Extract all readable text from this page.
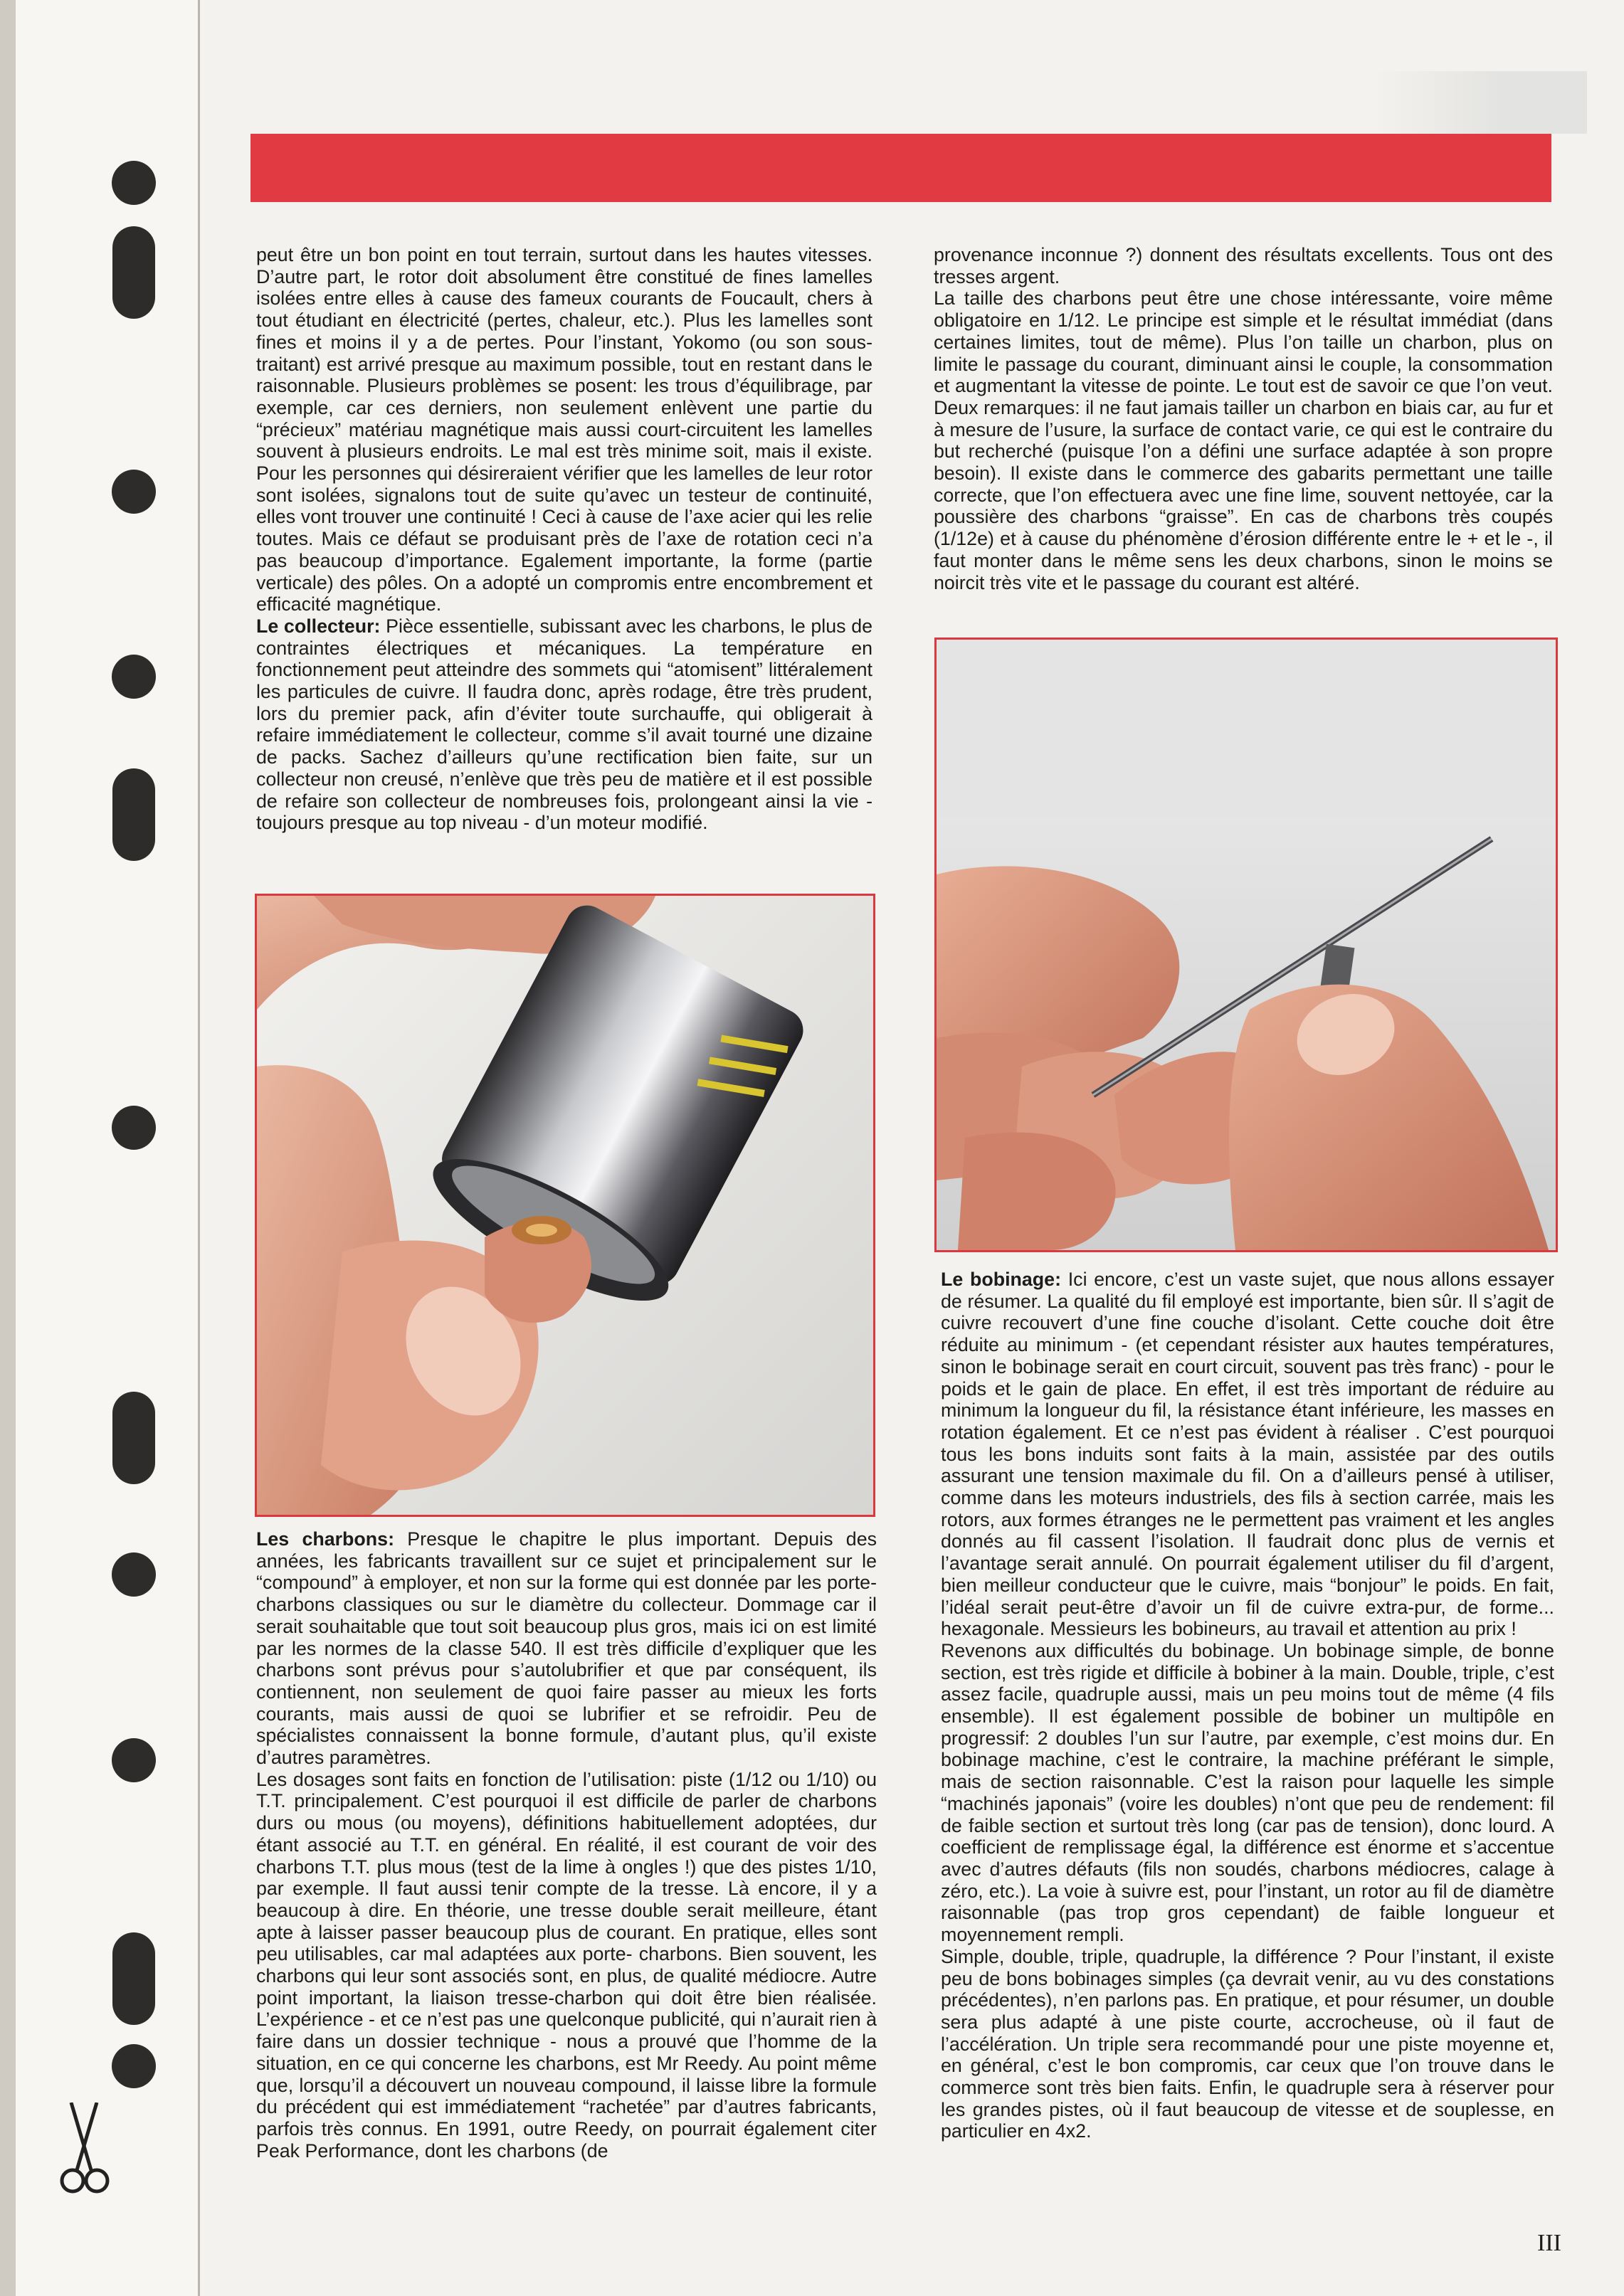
peut être un bon point en tout terrain, surtout dans les hautes vitesses. D’autre part, le rotor doit absolument être constitué de fines lamelles isolées entre elles à cause des fameux courants de Foucault, chers à tout étudiant en électricité (pertes, chaleur, etc.). Plus les lamelles sont fines et moins il y a de pertes. Pour l’instant, Yokomo (ou son sous-traitant) est arrivé presque au maximum possible, tout en restant dans le raisonnable. Plusieurs problèmes se posent: les trous d’équilibrage, par exemple, car ces derniers, non seulement enlèvent une partie du “précieux” matériau magnétique mais aussi court-circuitent les lamelles souvent à plusieurs endroits. Le mal est très minime soit, mais il existe. Pour les personnes qui désireraient vérifier que les lamelles de leur rotor sont isolées, signalons tout de suite qu’avec un testeur de continuité, elles vont trouver une continuité ! Ceci à cause de l’axe acier qui les relie toutes. Mais ce défaut se produisant près de l’axe de rotation ceci n’a pas beaucoup d’importance. Egalement importante, la forme (partie verticale) des pôles. On a adopté un compromis entre encombrement et efficacité magnétique.

Le collecteur: Pièce essentielle, subissant avec les charbons, le plus de contraintes électriques et mécaniques. La température en fonctionnement peut atteindre des sommets qui “atomisent” littéralement les particules de cuivre. Il faudra donc, après rodage, être très prudent, lors du premier pack, afin d’éviter toute surchauffe, qui obligerait à refaire immédiatement le collecteur, comme s’il avait tourné une dizaine de packs. Sachez d’ailleurs qu’une rectification bien faite, sur un collecteur non creusé, n’enlève que très peu de matière et il est possible de refaire son collecteur de nombreuses fois, prolongeant ainsi la vie - toujours presque au top niveau - d’un moteur modifié.

Les charbons: Presque le chapitre le plus important. Depuis des années, les fabricants travaillent sur ce sujet et principalement sur le “compound” à employer, et non sur la forme qui est donnée par les porte-charbons classiques ou sur le diamètre du collecteur. Dommage car il serait souhaitable que tout soit beaucoup plus gros, mais ici on est limité par les normes de la classe 540. Il est très difficile d’expliquer que les charbons sont prévus pour s’autolubrifier et que par conséquent, ils contiennent, non seulement de quoi faire passer au mieux les forts courants, mais aussi de quoi se lubrifier et se refroidir. Peu de spécialistes connaissent la bonne formule, d’autant plus, qu’il existe d’autres paramètres.

Les dosages sont faits en fonction de l’utilisation: piste (1/12 ou 1/10) ou T.T. principalement. C’est pourquoi il est difficile de parler de charbons durs ou mous (ou moyens), définitions habituellement adoptées, dur étant associé au T.T. en général. En réalité, il est courant de voir des charbons T.T. plus mous (test de la lime à ongles !) que des pistes 1/10, par exemple. Il faut aussi tenir compte de la tresse. Là encore, il y a beaucoup à dire. En théorie, une tresse double serait meilleure, étant apte à laisser passer beaucoup plus de courant. En pratique, elles sont peu utilisables, car mal adaptées aux porte- charbons. Bien souvent, les charbons qui leur sont associés sont, en plus, de qualité médiocre. Autre point important, la liaison tresse-charbon qui doit être bien réalisée. L’expérience - et ce n’est pas une quelconque publicité, qui n’aurait rien à faire dans un dossier technique - nous a prouvé que l’homme de la situation, en ce qui concerne les charbons, est Mr Reedy. Au point même que, lorsqu’il a découvert un nouveau compound, il laisse libre la formule du précédent qui est immédiatement “rachetée” par d’autres fabricants, parfois très connus. En 1991, outre Reedy, on pourrait également citer Peak Performance, dont les charbons (de

provenance inconnue ?) donnent des résultats excellents. Tous ont des tresses argent.

La taille des charbons peut être une chose intéressante, voire même obligatoire en 1/12. Le principe est simple et le résultat immédiat (dans certaines limites, tout de même). Plus l’on taille un charbon, plus on limite le passage du courant, diminuant ainsi le couple, la consommation et augmentant la vitesse de pointe. Le tout est de savoir ce que l’on veut. Deux remarques: il ne faut jamais tailler un charbon en biais car, au fur et à mesure de l’usure, la surface de contact varie, ce qui est le contraire du but recherché (puisque l’on a défini une surface adaptée à son propre besoin). Il existe dans le commerce des gabarits permettant une taille correcte, que l’on effectuera avec une fine lime, souvent nettoyée, car la poussière des charbons “graisse”. En cas de charbons très coupés (1/12e) et à cause du phénomène d’érosion différente entre le + et le -, il faut monter dans le même sens les deux charbons, sinon le moins se noircit très vite et le passage du courant est altéré.

Le bobinage: Ici encore, c’est un vaste sujet, que nous allons essayer de résumer. La qualité du fil employé est importante, bien sûr. Il s’agit de cuivre recouvert d’une fine couche d’isolant. Cette couche doit être réduite au minimum - (et cependant résister aux hautes températures, sinon le bobinage serait en court circuit, souvent pas très franc) - pour le poids et le gain de place. En effet, il est très important de réduire au minimum la longueur du fil, la résistance étant inférieure, les masses en rotation également. Et ce n’est pas évident à réaliser . C’est pourquoi tous les bons induits sont faits à la main, assistée par des outils assurant une tension maximale du fil. On a d’ailleurs pensé à utiliser, comme dans les moteurs industriels, des fils à section carrée, mais les rotors, aux formes étranges ne le permettent pas vraiment et les angles donnés au fil cassent l’isolation. Il faudrait donc plus de vernis et l’avantage serait annulé. On pourrait également utiliser du fil d’argent, bien meilleur conducteur que le cuivre, mais “bonjour” le poids. En fait, l’idéal serait peut-être d’avoir un fil de cuivre extra-pur, de forme... hexagonale. Messieurs les bobineurs, au travail et attention au prix !

Revenons aux difficultés du bobinage. Un bobinage simple, de bonne section, est très rigide et difficile à bobiner à la main. Double, triple, c’est assez facile, quadruple aussi, mais un peu moins tout de même (4 fils ensemble). Il est également possible de bobiner un multipôle en progressif: 2 doubles l’un sur l’autre, par exemple, c’est moins dur. En bobinage machine, c’est le contraire, la machine préférant le simple, mais de section raisonnable. C’est la raison pour laquelle les simple “machinés japonais” (voire les doubles) n’ont que peu de rendement: fil de faible section et surtout très long (car pas de tension), donc lourd. A coefficient de remplissage égal, la différence est énorme et s’accentue avec d’autres défauts (fils non soudés, charbons médiocres, calage à zéro, etc.). La voie à suivre est, pour l’instant, un rotor au fil de diamètre raisonnable (pas trop gros cependant) de faible longueur et moyennement rempli.

Simple, double, triple, quadruple, la différence ? Pour l’instant, il existe peu de bons bobinages simples (ça devrait venir, au vu des constations précédentes), n’en parlons pas. En pratique, et pour résumer, un double sera plus adapté à une piste courte, accrocheuse, où il faut de l’accélération. Un triple sera recommandé pour une piste moyenne et, en général, c’est le bon compromis, car ceux que l’on trouve dans le commerce sont très bien faits. Enfin, le quadruple sera à réserver pour les grandes pistes, où il faut beaucoup de vitesse et de souplesse, en particulier en 4x2.

III
